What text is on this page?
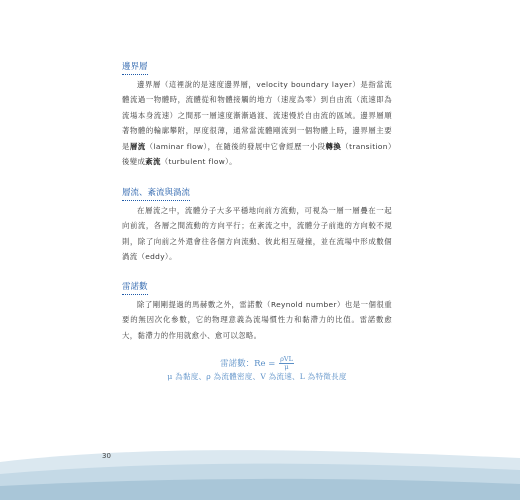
邊界層

邊界層（這裡說的是速度邊界層，velocity boundary layer）是指當流體流過一物體時，流體從和物體接觸的地方（速度為零）到自由流（流速即為流場本身流速）之間那一層速度漸漸過渡、流速慢於自由流的區域。邊界層順著物體的輪廓攀附，厚度很薄，通常當流體剛流到一個物體上時，邊界層主要是層流（laminar flow），在隨後的發展中它會經歷一小段轉換（transition）後變成紊流（turbulent flow）。

層流、紊流與渦流

在層流之中，流體分子大多平穩地向前方流動，可視為一層一層疊在一起向前流，各層之間流動的方向平行；在紊流之中，流體分子前進的方向較不規則，除了向前之外還會往各個方向流動、彼此相互碰撞，並在流場中形成數個渦流（eddy）。

雷諾數

除了剛剛提過的馬赫數之外，雷諾數（Reynold number）也是一個很重要的無因次化參數，它的物理意義為流場慣性力和黏滯力的比值。雷諾數愈大，黏滯力的作用就愈小、愈可以忽略。

雷諾數：$Re = \frac{\text{ρVL}}{\mu}$
μ 為黏度、ρ 為流體密度、V 為流速、L 為特徵長度
30
